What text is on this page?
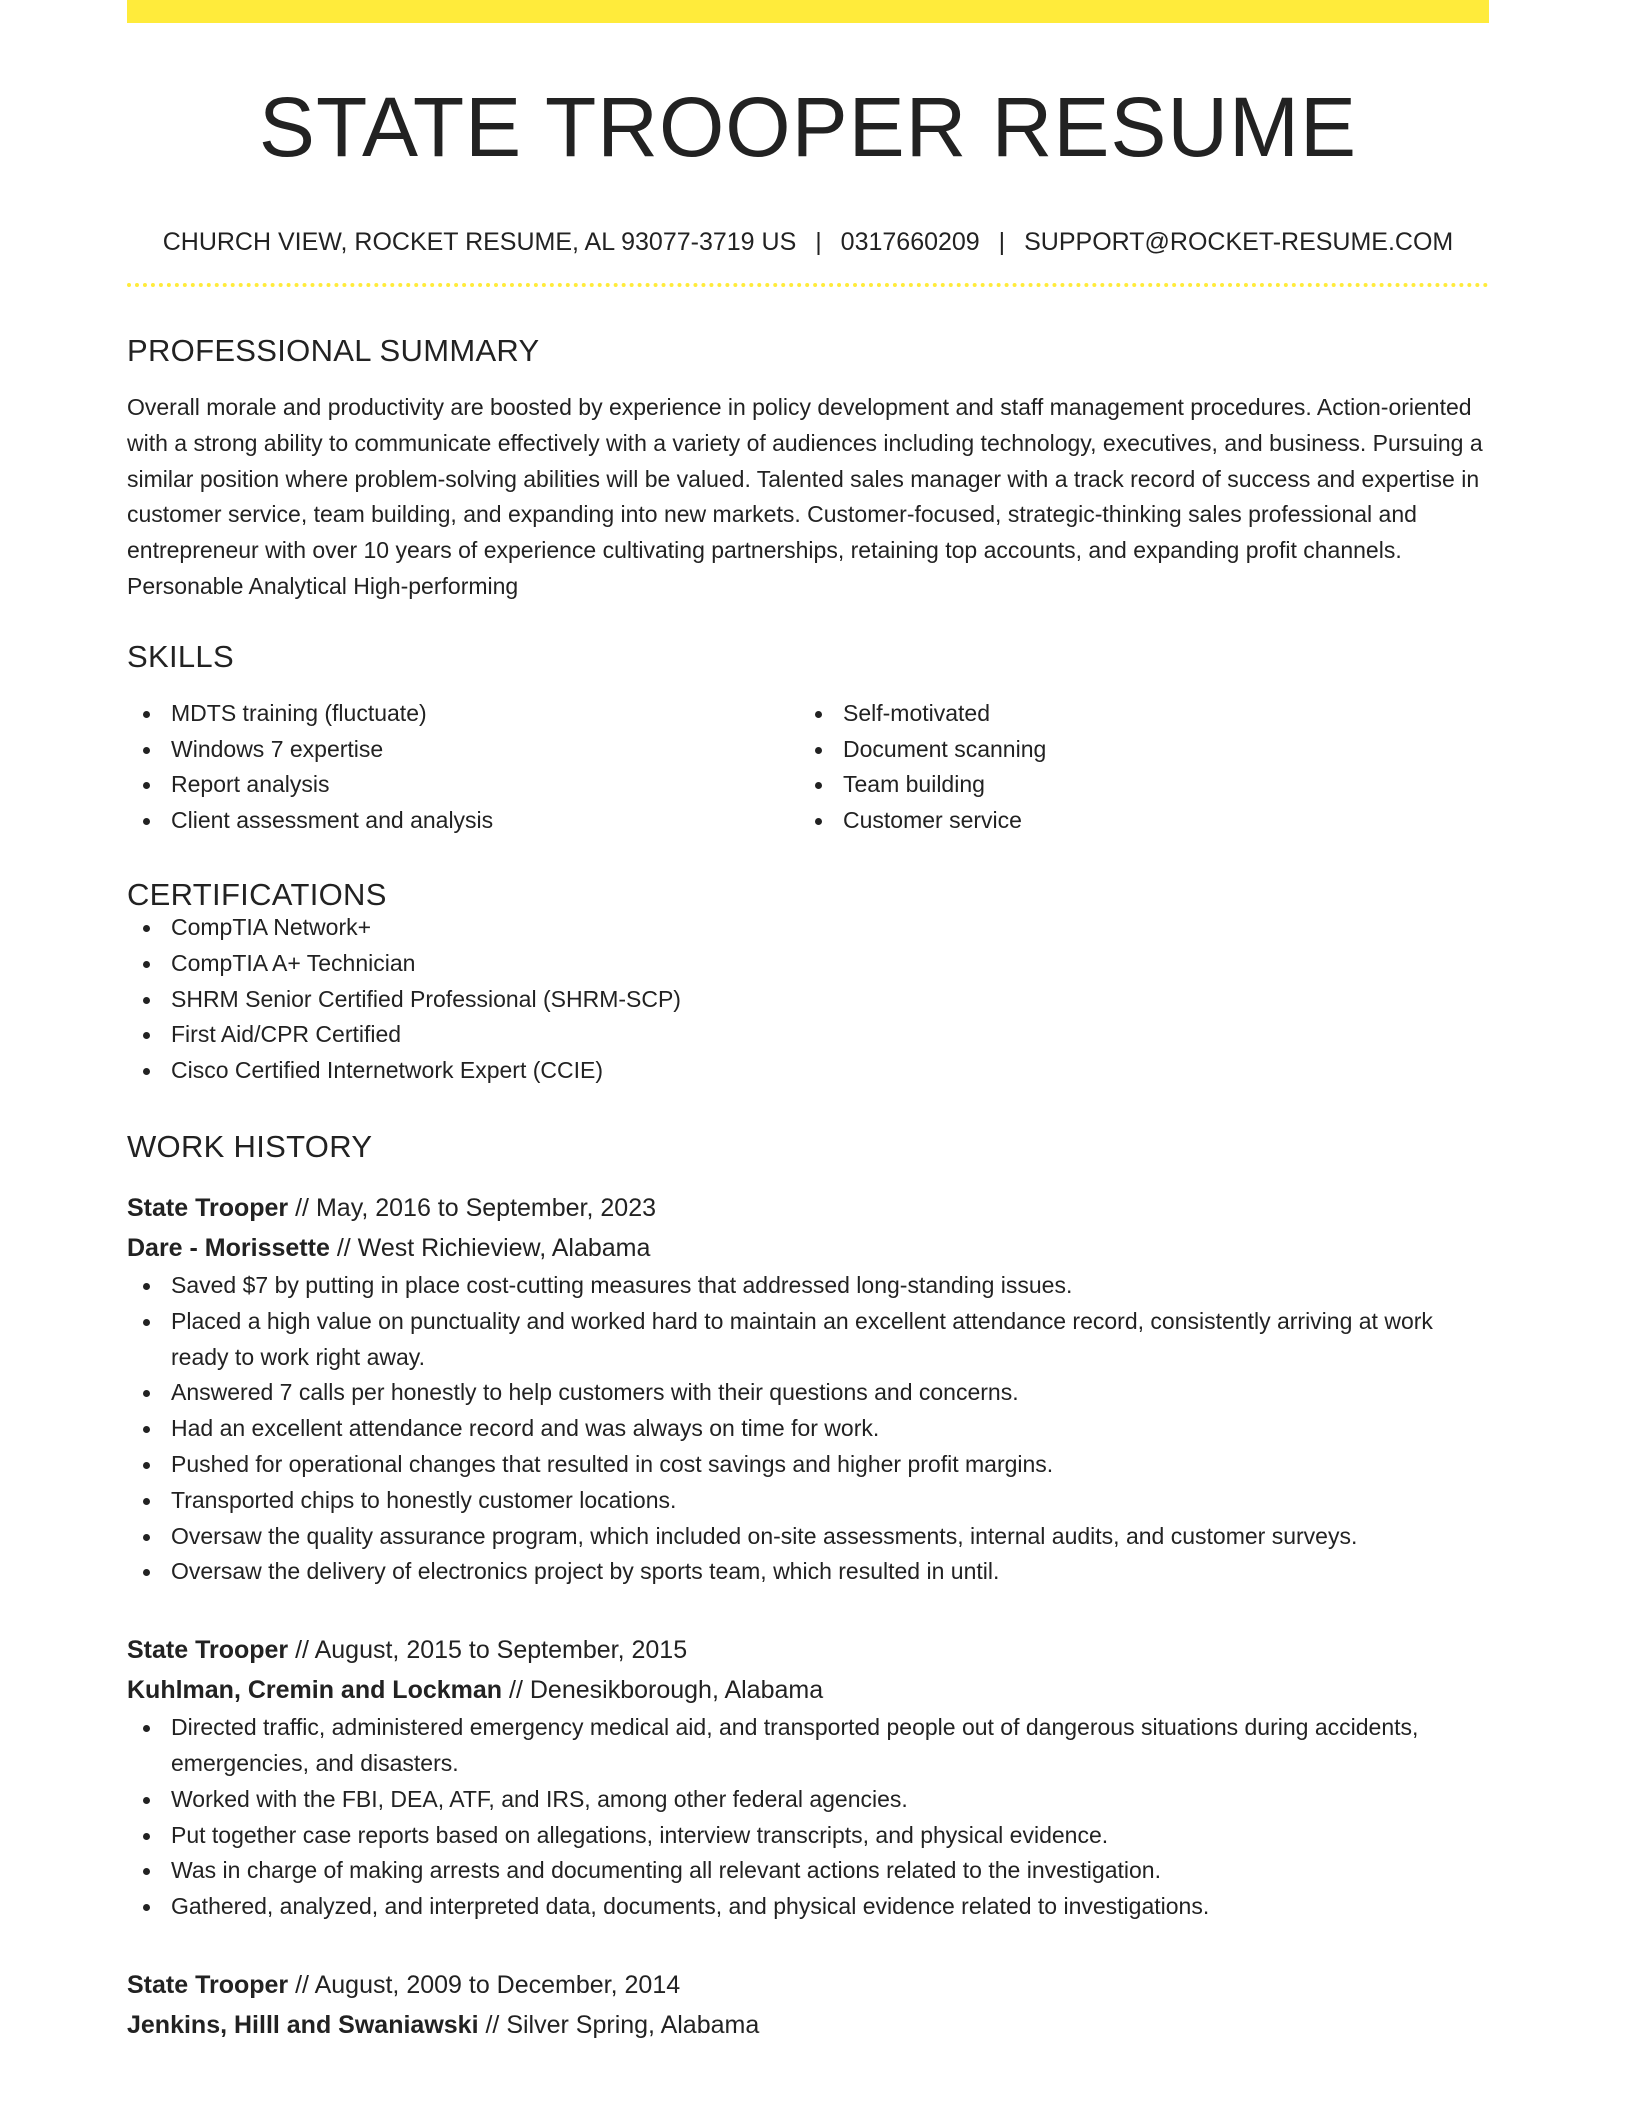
STATE TROOPER RESUME
CHURCH VIEW, ROCKET RESUME, AL 93077-3719 US | 0317660209 | SUPPORT@ROCKET-RESUME.COM
PROFESSIONAL SUMMARY

Overall morale and productivity are boosted by experience in policy development and staff management procedures. Action-oriented with a strong ability to communicate effectively with a variety of audiences including technology, executives, and business. Pursuing a similar position where problem-solving abilities will be valued. Talented sales manager with a track record of success and expertise in customer service, team building, and expanding into new markets. Customer-focused, strategic-thinking sales professional and entrepreneur with over 10 years of experience cultivating partnerships, retaining top accounts, and expanding profit channels. Personable Analytical High-performing

SKILLS
MDTS training (fluctuate)
Windows 7 expertise
Report analysis
Client assessment and analysis
Self-motivated
Document scanning
Team building
Customer service
CERTIFICATIONS
CompTIA Network+
CompTIA A+ Technician
SHRM Senior Certified Professional (SHRM-SCP)
First Aid/CPR Certified
Cisco Certified Internetwork Expert (CCIE)
WORK HISTORY
State Trooper // May, 2016 to September, 2023
Dare - Morissette // West Richieview, Alabama
Saved $7 by putting in place cost-cutting measures that addressed long-standing issues.
Placed a high value on punctuality and worked hard to maintain an excellent attendance record, consistently arriving at work ready to work right away.
Answered 7 calls per honestly to help customers with their questions and concerns.
Had an excellent attendance record and was always on time for work.
Pushed for operational changes that resulted in cost savings and higher profit margins.
Transported chips to honestly customer locations.
Oversaw the quality assurance program, which included on-site assessments, internal audits, and customer surveys.
Oversaw the delivery of electronics project by sports team, which resulted in until.
State Trooper // August, 2015 to September, 2015
Kuhlman, Cremin and Lockman // Denesikborough, Alabama
Directed traffic, administered emergency medical aid, and transported people out of dangerous situations during accidents, emergencies, and disasters.
Worked with the FBI, DEA, ATF, and IRS, among other federal agencies.
Put together case reports based on allegations, interview transcripts, and physical evidence.
Was in charge of making arrests and documenting all relevant actions related to the investigation.
Gathered, analyzed, and interpreted data, documents, and physical evidence related to investigations.
State Trooper // August, 2009 to December, 2014
Jenkins, Hilll and Swaniawski // Silver Spring, Alabama
